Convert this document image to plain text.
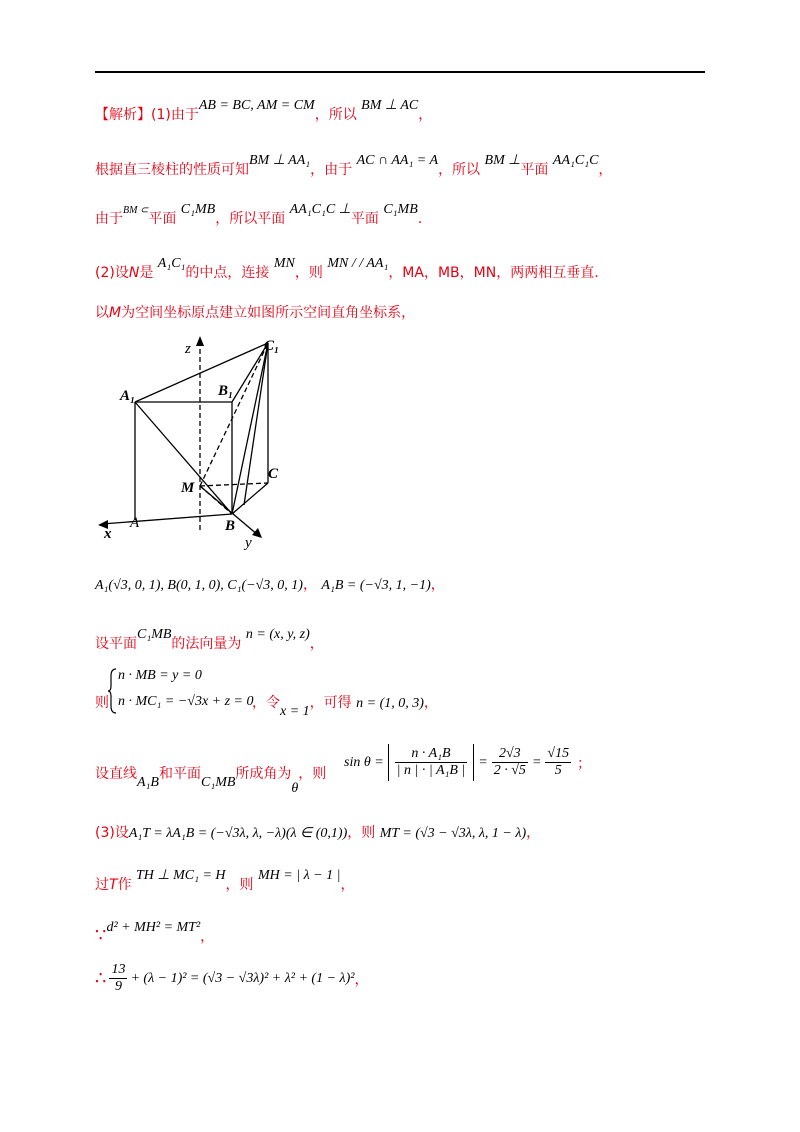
【解析】(1)由于AB = BC, AM = CM，所以 BM ⊥ AC，
根据直三棱柱的性质可知BM ⊥ AA₁，由于 AC ∩ AA₁ = A，所以 BM ⊥平面 AA₁C₁C，
由于$^{BM \subset}$平面 C₁MB，所以平面 AA₁C₁C ⊥平面 C₁MB.
(2)设N是 A₁C₁的中点，连接 MN，则 MN / / AA₁，MA，MB，MN，两两相互垂直.
以M为空间坐标原点建立如图所示空间直角坐标系，
z	C₁
A₁	B₁
C
M
A	B
x
y
A₁(√3, 0, 1), B(0, 1, 0), C₁(−√3, 0, 1)， A₁B = (−√3, 1, −1)，
设平面C₁MB的法向量为 n = (x, y, z)，
则
n · MB = y = 0
n · MC₁ = −√3x + z = 0
，令x = 1，可得 n = (1, 0, 3)，
设直线A₁B和平面C₁MB所成角为θ，则
$\sin \theta = \frac{\text{n · A₁B}}{\text{| n | · | A₁B |}} = \frac{2√3}{2 \cdot √5} = \frac{√15}{5}$ ；
(3)设A₁T = λA₁B = (−√3λ, λ, −λ)(λ ∈ (0,1))，则 MT = (√3 − √3λ, λ, 1 − λ)，
过T作 TH ⊥ MC₁ = H，则 MH = | λ − 1 |，
∵d² + MH² = MT²，
∴ $\frac{13}{9} + (\lambda - 1)^2 = (√3 - √3\lambda)^2 + \lambda^2 + (1 - \lambda)^2$ ，
